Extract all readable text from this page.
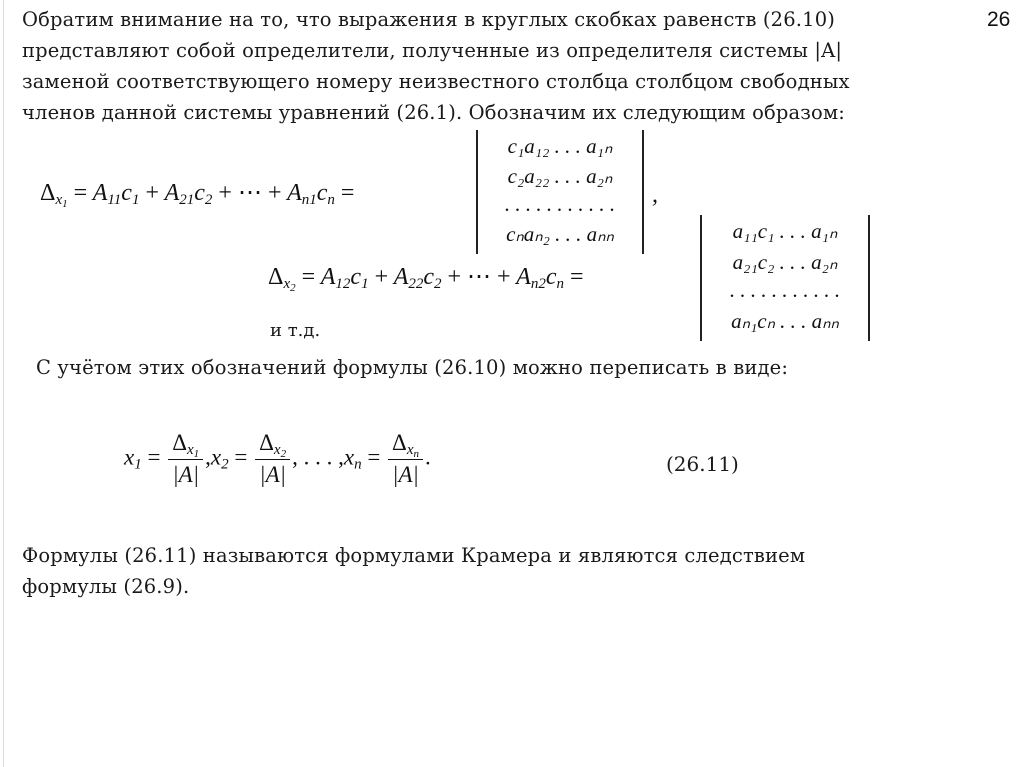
26
Обратим внимание на то, что выражения в круглых скобках равенств (26.10)
представляют собой определители, полученные из определителя системы |A|
заменой соответствующего номеру неизвестного столбца столбцом свободных
членов данной системы уравнений (26.1). Обозначим их следующим образом:
$\Delta_{x_1} = A_{11}c_1 + A_{21}c_2$ + ⋯ + $A_{n1}c_n$ =
c₁a₁₂ . . . a₁ₙ
c₂a₂₂ . . . a₂ₙ
. . . . . . . . . . .
cₙaₙ₂ . . . aₙₙ
,
$\Delta_{x_2} = A_{12}c_1 + A_{22}c_2$ + ⋯ + $A_{n2}c_n$ =
a₁₁c₁ . . . a₁ₙ
a₂₁c₂ . . . a₂ₙ
. . . . . . . . . . .
aₙ₁cₙ . . . aₙₙ
и т.д.
С учётом этих обозначений формулы (26.10) можно переписать в виде:
$x_1 = \frac{\Delta_{x_1}}{|A|} ,x_2 = \frac{\Delta_{x_2}}{|A|}$ , . . . $,x_n = \frac{\Delta_{x_n}}{|A|}$ .	(26.11)
Формулы (26.11) называются формулами Крамера и являются следствием
формулы (26.9).
